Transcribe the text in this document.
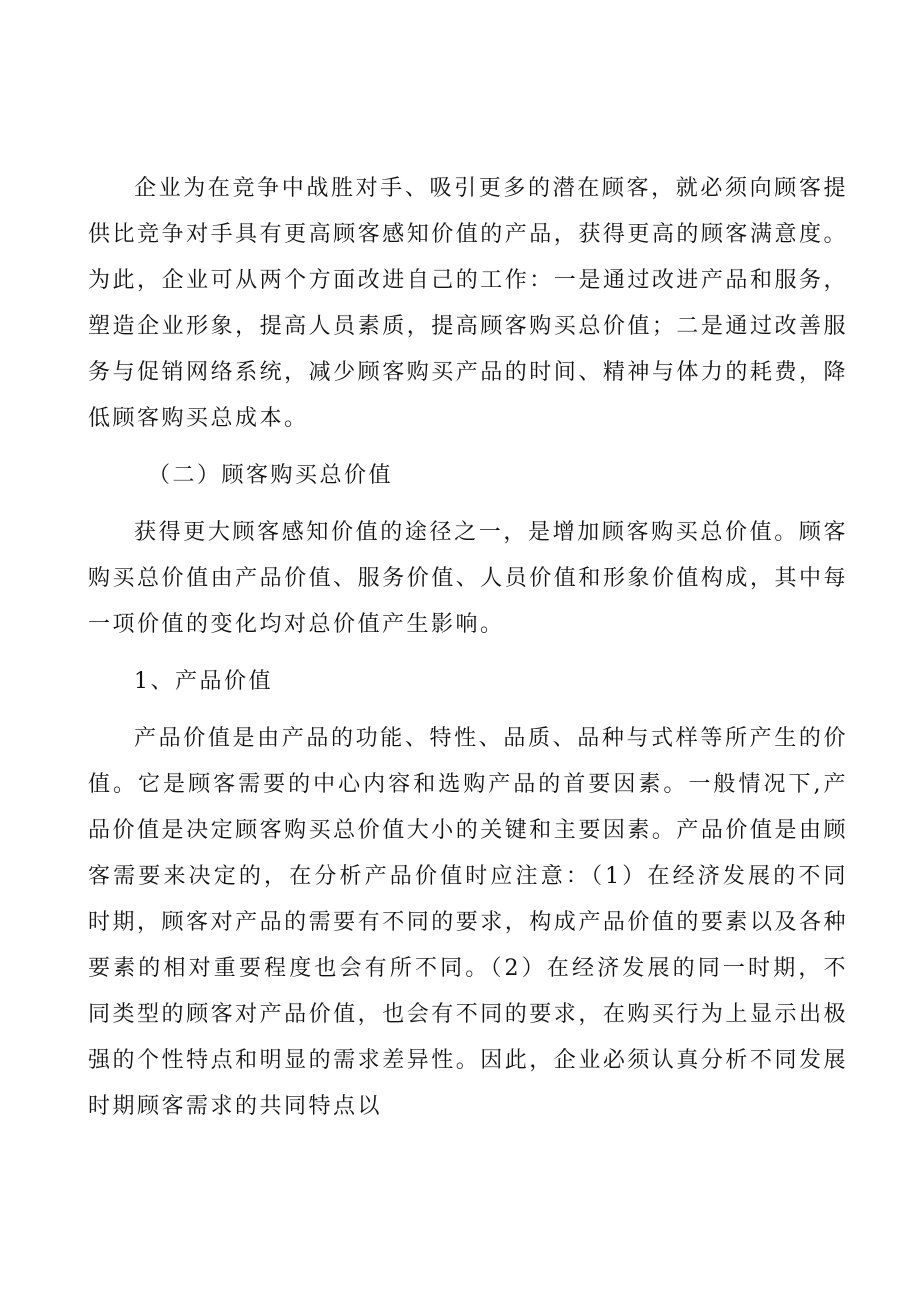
企业为在竞争中战胜对手、吸引更多的潜在顾客，就必须向顾客提供比竞争对手具有更高顾客感知价值的产品，获得更高的顾客满意度。为此，企业可从两个方面改进自己的工作：一是通过改进产品和服务，塑造企业形象，提高人员素质，提高顾客购买总价值；二是通过改善服务与促销网络系统，减少顾客购买产品的时间、精神与体力的耗费，降低顾客购买总成本。

（二）顾客购买总价值

获得更大顾客感知价值的途径之一，是增加顾客购买总价值。顾客购买总价值由产品价值、服务价值、人员价值和形象价值构成，其中每一项价值的变化均对总价值产生影响。

1、产品价值

产品价值是由产品的功能、特性、品质、品种与式样等所产生的价值。它是顾客需要的中心内容和选购产品的首要因素。一般情况下,产品价值是决定顾客购买总价值大小的关键和主要因素。产品价值是由顾客需要来决定的，在分析产品价值时应注意：（1）在经济发展的不同时期，顾客对产品的需要有不同的要求，构成产品价值的要素以及各种要素的相对重要程度也会有所不同。（2）在经济发展的同一时期，不同类型的顾客对产品价值，也会有不同的要求，在购买行为上显示出极强的个性特点和明显的需求差异性。因此，企业必须认真分析不同发展时期顾客需求的共同特点以
